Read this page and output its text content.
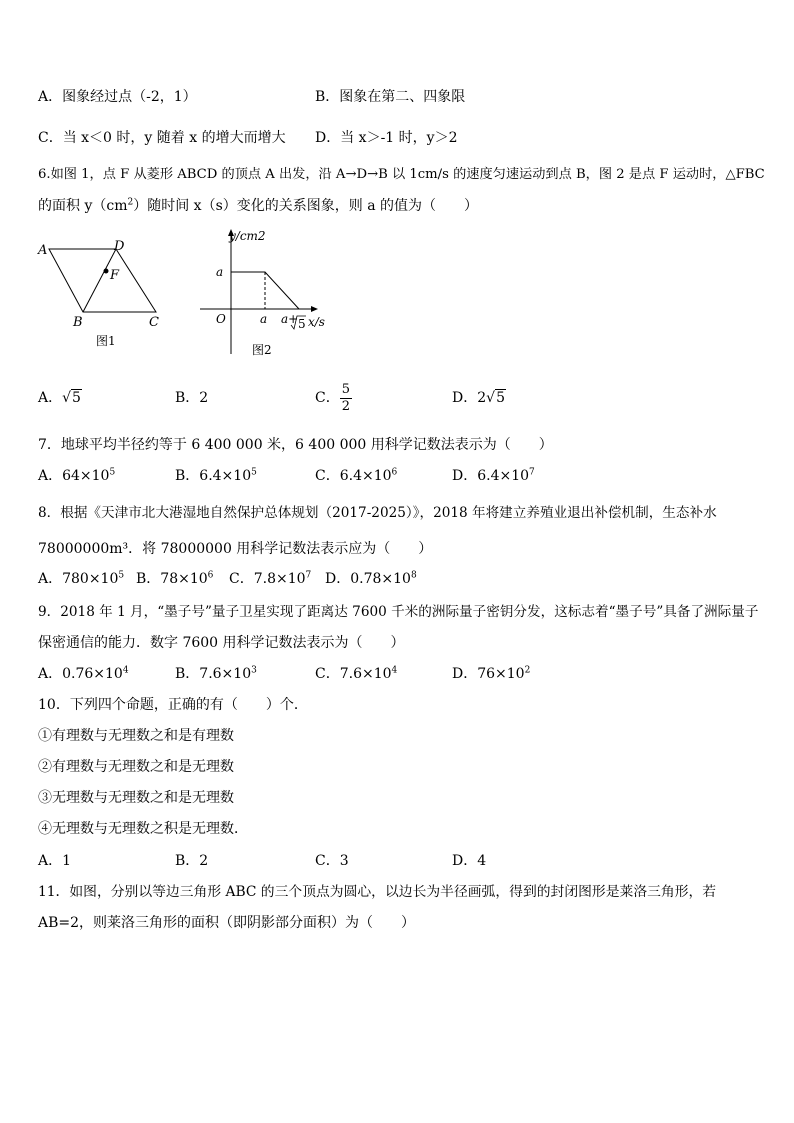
A．图象经过点（-2，1）	B．图象在第二、四象限
C．当 x＜0 时，y 随着 x 的增大而增大 D．当 x＞-1 时，y＞2
6.如图 1，点 F 从菱形 ABCD 的顶点 A 出发，沿 A→D→B 以 1cm/s 的速度匀速运动到点 B，图 2 是点 F 运动时，△FBC
的面积 $y(cm^2)$随时间 x（s）变化的关系图象，则 a 的值为（　　）
A	D
F
B	C
图1
y/cm2
a
O	a a+ 5 x/s
图2
A．√5	B．2	C． $\frac{5}{2}$	D．2√5
7．地球平均半径约等于 6 400 000 米，6 400 000 用科学记数法表示为（　　）
A．$64\times 10^5$	B．$6.4\times 10^5$	C．$6.4\times 10^6$	D．$6.4\times 10^7$
8．根据《天津市北大港湿地自然保护总体规划（2017-2025）》，2018 年将建立养殖业退出补偿机制，生态补水
78000000m³．将 78000000 用科学记数法表示应为（　　）
A．$780\times 10^5$ B．$78\times 10^6$ C．$7.8\times 10^7$ D．$0.78\times 10^8$
9．2018 年 1 月，“墨子号”量子卫星实现了距离达 7600 千米的洲际量子密钥分发，这标志着“墨子号”具备了洲际量子
保密通信的能力．数字 7600 用科学记数法表示为（　　）
A．$0.76\times 10^4$	B．$7.6\times 10^3$	C．$7.6\times 10^4$	D．$76\times 10^2$
10．下列四个命题，正确的有（　　）个．
①有理数与无理数之和是有理数
②有理数与无理数之和是无理数
③无理数与无理数之和是无理数
④无理数与无理数之积是无理数．
A．1	B．2	C．3	D．4
11．如图，分别以等边三角形 ABC 的三个顶点为圆心，以边长为半径画弧，得到的封闭图形是莱洛三角形，若
AB=2，则莱洛三角形的面积（即阴影部分面积）为（　　）
